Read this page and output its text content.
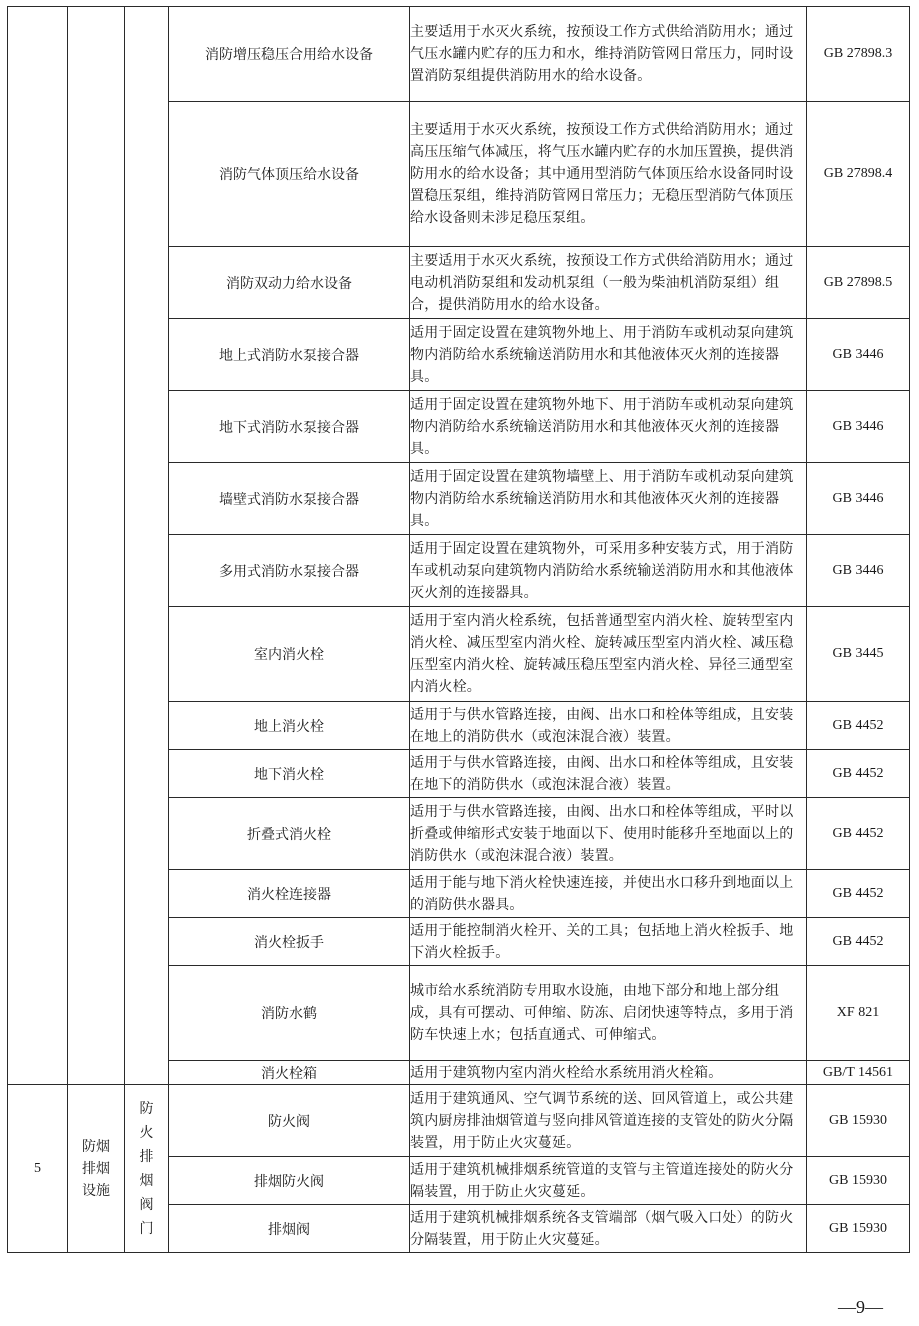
			消防增压稳压合用给水设备	主要适用于水灭火系统，按预设工作方式供给消防用水；通过气压水罐内贮存的压力和水，维持消防管网日常压力，同时设置消防泵组提供消防用水的给水设备。	GB 27898.3
			消防气体顶压给水设备	主要适用于水灭火系统，按预设工作方式供给消防用水；通过高压压缩气体减压，将气压水罐内贮存的水加压置换，提供消防用水的给水设备；其中通用型消防气体顶压给水设备同时设置稳压泵组，维持消防管网日常压力；无稳压型消防气体顶压给水设备则未涉足稳压泵组。	GB 27898.4
			消防双动力给水设备	主要适用于水灭火系统，按预设工作方式供给消防用水；通过电动机消防泵组和发动机泵组（一般为柴油机消防泵组）组合，提供消防用水的给水设备。	GB 27898.5
			地上式消防水泵接合器	适用于固定设置在建筑物外地上、用于消防车或机动泵向建筑物内消防给水系统输送消防用水和其他液体灭火剂的连接器具。	GB 3446
			地下式消防水泵接合器	适用于固定设置在建筑物外地下、用于消防车或机动泵向建筑物内消防给水系统输送消防用水和其他液体灭火剂的连接器具。	GB 3446
			墙壁式消防水泵接合器	适用于固定设置在建筑物墙壁上、用于消防车或机动泵向建筑物内消防给水系统输送消防用水和其他液体灭火剂的连接器具。	GB 3446
			多用式消防水泵接合器	适用于固定设置在建筑物外，可采用多种安装方式，用于消防车或机动泵向建筑物内消防给水系统输送消防用水和其他液体灭火剂的连接器具。	GB 3446
			室内消火栓	适用于室内消火栓系统，包括普通型室内消火栓、旋转型室内消火栓、减压型室内消火栓、旋转减压型室内消火栓、减压稳压型室内消火栓、旋转减压稳压型室内消火栓、异径三通型室内消火栓。	GB 3445
			地上消火栓	适用于与供水管路连接，由阀、出水口和栓体等组成，且安装在地上的消防供水（或泡沫混合液）装置。	GB 4452
			地下消火栓	适用于与供水管路连接，由阀、出水口和栓体等组成，且安装在地下的消防供水（或泡沫混合液）装置。	GB 4452
			折叠式消火栓	适用于与供水管路连接，由阀、出水口和栓体等组成，平时以折叠或伸缩形式安装于地面以下、使用时能移升至地面以上的消防供水（或泡沫混合液）装置。	GB 4452
			消火栓连接器	适用于能与地下消火栓快速连接，并使出水口移升到地面以上的消防供水器具。	GB 4452
			消火栓扳手	适用于能控制消火栓开、关的工具；包括地上消火栓扳手、地下消火栓扳手。	GB 4452
			消防水鹤	城市给水系统消防专用取水设施，由地下部分和地上部分组成，具有可摆动、可伸缩、防冻、启闭快速等特点，多用于消防车快速上水；包括直通式、可伸缩式。	XF 821
			消火栓箱	适用于建筑物内室内消火栓给水系统用消火栓箱。	GB/T 14561
5	防烟排烟设施	防火排烟阀门	防火阀	适用于建筑通风、空气调节系统的送、回风管道上，或公共建筑内厨房排油烟管道与竖向排风管道连接的支管处的防火分隔装置，用于防止火灾蔓延。	GB 15930
			排烟防火阀	适用于建筑机械排烟系统管道的支管与主管道连接处的防火分隔装置，用于防止火灾蔓延。	GB 15930
			排烟阀	适用于建筑机械排烟系统各支管端部（烟气吸入口处）的防火分隔装置，用于防止火灾蔓延。	GB 15930
—9—
